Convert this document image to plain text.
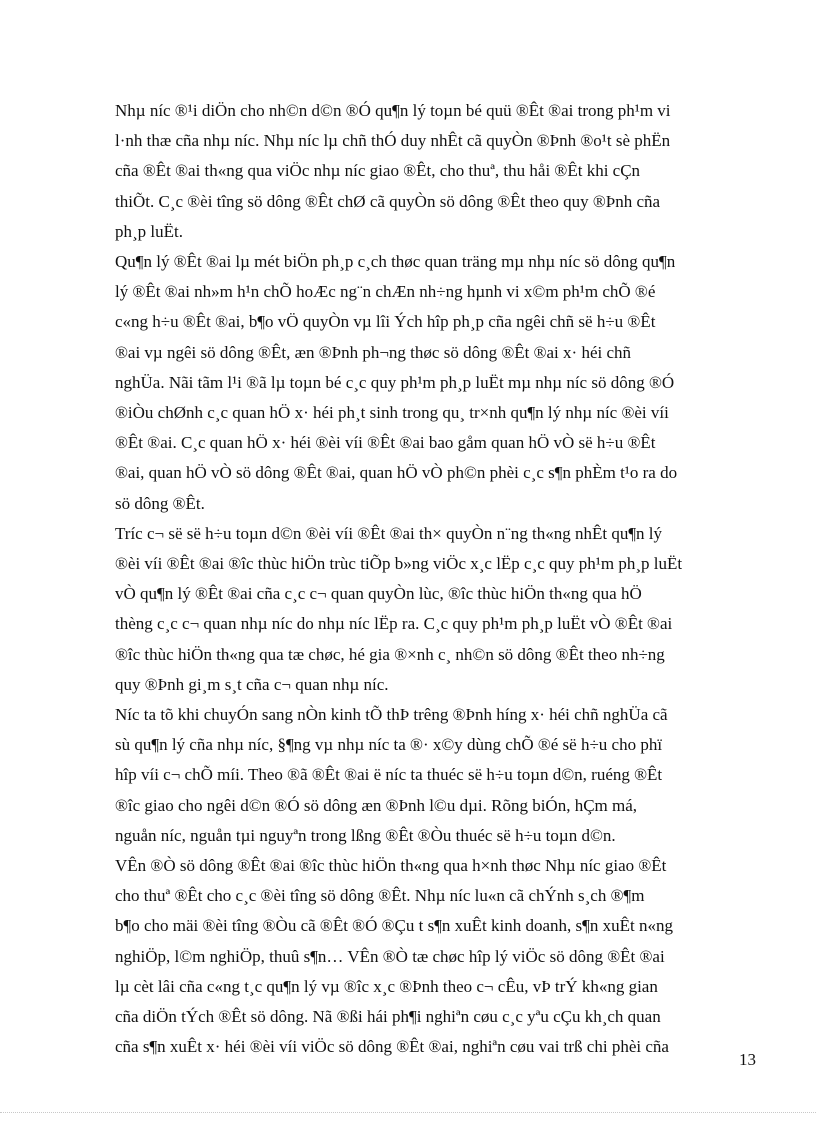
Nhµ níc ®¹i diÖn cho nh©n d©n ®Ó qu¶n lý toµn bé quü ®Êt ®ai trong ph¹m vi
l·nh thæ cña nhµ níc. Nhµ níc lµ chñ thÓ duy nhÊt cã quyÒn ®Þnh ®o¹t sè phËn
cña ®Êt ®ai th«ng qua viÖc nhµ níc giao ®Êt, cho thuª, thu håi ®Êt khi cÇn
thiÕt. C¸c ®èi tîng sö dông ®Êt chØ cã quyÒn sö dông ®Êt theo quy ®Þnh cña
ph¸p luËt.

Qu¶n lý ®Êt ®ai lµ mét biÖn ph¸p c¸ch thøc quan träng mµ nhµ níc sö dông qu¶n
lý ®Êt ®ai nh»m h¹n chÕ hoÆc ng¨n chÆn nh÷ng hµnh vi x©m ph¹m chÕ ®é
c«ng h÷u ®Êt ®ai, b¶o vÖ quyÒn vµ lîi Ých hîp ph¸p cña ngêi chñ së h÷u ®Êt
®ai vµ ngêi sö dông ®Êt, æn ®Þnh ph¬ng thøc sö dông ®Êt ®ai x· héi chñ
nghÜa. Nãi tãm l¹i ®ã lµ toµn bé c¸c quy ph¹m ph¸p luËt mµ nhµ níc sö dông ®Ó
®iÒu chØnh c¸c quan hÖ x· héi ph¸t sinh trong qu¸ tr×nh qu¶n lý nhµ níc ®èi víi
®Êt ®ai. C¸c quan hÖ x· héi ®èi víi ®Êt ®ai bao gåm quan hÖ vÒ së h÷u ®Êt
®ai, quan hÖ vÒ sö dông ®Êt ®ai, quan hÖ vÒ ph©n phèi c¸c s¶n phÈm t¹o ra do
sö dông ®Êt.

Tríc c¬ së së h÷u toµn d©n ®èi víi ®Êt ®ai th× quyÒn n¨ng th«ng nhÊt qu¶n lý
®èi víi ®Êt ®ai ®îc thùc hiÖn trùc tiÕp b»ng viÖc x¸c lËp c¸c quy ph¹m ph¸p luËt
vÒ qu¶n lý ®Êt ®ai cña c¸c c¬ quan quyÒn lùc, ®îc thùc hiÖn th«ng qua hÖ
thèng c¸c c¬ quan nhµ níc do nhµ níc lËp ra. C¸c quy ph¹m ph¸p luËt vÒ ®Êt ®ai
®îc thùc hiÖn th«ng qua tæ chøc, hé gia ®×nh c¸ nh©n sö dông ®Êt theo nh÷ng
quy ®Þnh gi¸m s¸t cña c¬ quan nhµ níc.

Níc ta tõ khi chuyÓn sang nÒn kinh tÕ thÞ trêng ®Þnh híng x· héi chñ nghÜa cã
sù qu¶n lý cña nhµ níc, §¶ng vµ nhµ níc ta ®· x©y dùng chÕ ®é së h÷u cho phï
hîp víi c¬ chÕ míi. Theo ®ã ®Êt ®ai ë níc ta thuéc së h÷u toµn d©n, ruéng ®Êt
®îc giao cho ngêi d©n ®Ó sö dông æn ®Þnh l©u dµi. Rõng biÓn, hÇm má,
nguån níc, nguån tµi nguyªn trong lßng ®Êt ®Òu thuéc së h÷u toµn d©n.

VÊn ®Ò sö dông ®Êt ®ai ®îc thùc hiÖn th«ng qua h×nh thøc Nhµ níc giao ®Êt
cho thuª ®Êt cho c¸c ®èi tîng sö dông ®Êt. Nhµ níc lu«n cã chÝnh s¸ch ®¶m
b¶o cho mäi ®èi tîng ®Òu cã ®Êt ®Ó ®Çu t s¶n xuÊt kinh doanh, s¶n xuÊt n«ng
nghiÖp, l©m nghiÖp, thuû s¶n… VÊn ®Ò tæ chøc hîp lý viÖc sö dông ®Êt ®ai
lµ cèt lâi cña c«ng t¸c qu¶n lý vµ ®îc x¸c ®Þnh theo c¬ cÊu, vÞ trÝ kh«ng gian
cña diÖn tÝch ®Êt sö dông. Nã ®ßi hái ph¶i nghiªn cøu c¸c yªu cÇu kh¸ch quan
cña s¶n xuÊt x· héi ®èi víi viÖc sö dông ®Êt ®ai, nghiªn cøu vai trß chi phèi cña

13
